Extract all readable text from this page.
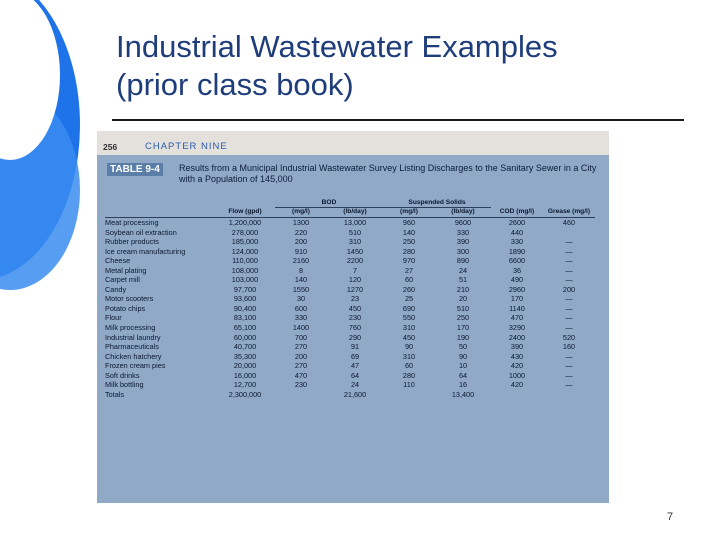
Industrial Wastewater Examples
(prior class book)
256	CHAPTER NINE
TABLE 9-4	Results from a Municipal Industrial Wastewater Survey Listing Discharges to the Sanitary Sewer in a City with a Population of 145,000
		BOD		Suspended Solids			
	Flow (gpd)	(mg/l)	(lb/day)	(mg/l)	(lb/day)	COD (mg/l)	Grease (mg/l)
Meat processing	1,200,000	1300	13,000	960	9600	2600	460
Soybean oil extraction	278,000	220	510	140	330	440	
Rubber products	185,000	200	310	250	390	330	—
Ice cream manufacturing	124,000	910	1450	280	300	1890	—
Cheese	110,000	2160	2200	970	890	6600	—
Metal plating	108,000	8	7	27	24	36	—
Carpet mill	103,000	140	120	60	51	490	—
Candy	97,700	1550	1270	260	210	2960	200
Motor scooters	93,600	30	23	25	20	170	—
Potato chips	90,400	600	450	690	510	1140	—
Flour	83,100	330	230	550	250	470	—
Milk processing	65,100	1400	760	310	170	3290	—
Industrial laundry	60,000	700	290	450	190	2400	520
Pharmaceuticals	40,700	270	91	90	50	390	160
Chicken hatchery	35,300	200	69	310	90	430	—
Frozen cream pies	20,000	270	47	60	10	420	—
Soft drinks	16,000	470	64	280	64	1000	—
Milk bottling	12,700	230	24	110	16	420	—
Totals	2,300,000		21,600		13,400		
7
